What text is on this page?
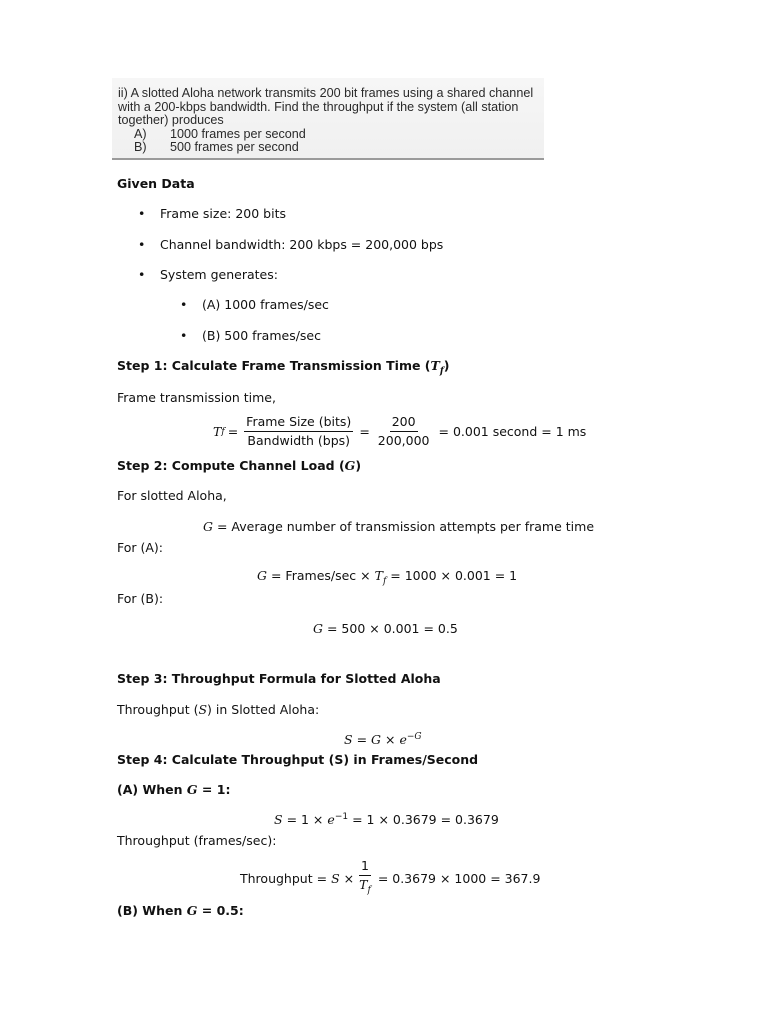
ii) A slotted Aloha network transmits 200 bit frames using a shared channel
with a 200-kbps bandwidth. Find the throughput if the system (all station
together) produces
A)	1000 frames per second
B)	500 frames per second
Given Data
• Frame size: 200 bits
• Channel bandwidth: 200 kbps = 200,000 bps
• System generates:
• (A) 1000 frames/sec
• (B) 500 frames/sec
Step 1: Calculate Frame Transmission Time $(T_f)$
Frame transmission time,
T $f = \frac{\text{Frame Size (bits)}}{\text{Bandwidth (bps)}} = \frac{200}{200,000} = 0.001$ second = 1 ms
Step 2: Compute Channel Load (G)
For slotted Aloha,
G = Average number of transmission attempts per frame time
For (A):
G = Frames/sec × $T_f = 1000 \times 0.001 = 1$
For (B):
G = 500 × 0.001 = 0.5
Step 3: Throughput Formula for Slotted Aloha
Throughput (S) in Slotted Aloha:
$S = G \times e^{-G}$
Step 4: Calculate Throughput (S) in Frames/Second
(A) When G = 1:
$S = 1 \times e^{-1} = 1 \times 0.3679 = 0.3679$
Throughput (frames/sec):
Throughput = $S \times \frac{1}{T_f} = 0.3679 \times 1000 = 367.9$
(B) When G = 0.5:
